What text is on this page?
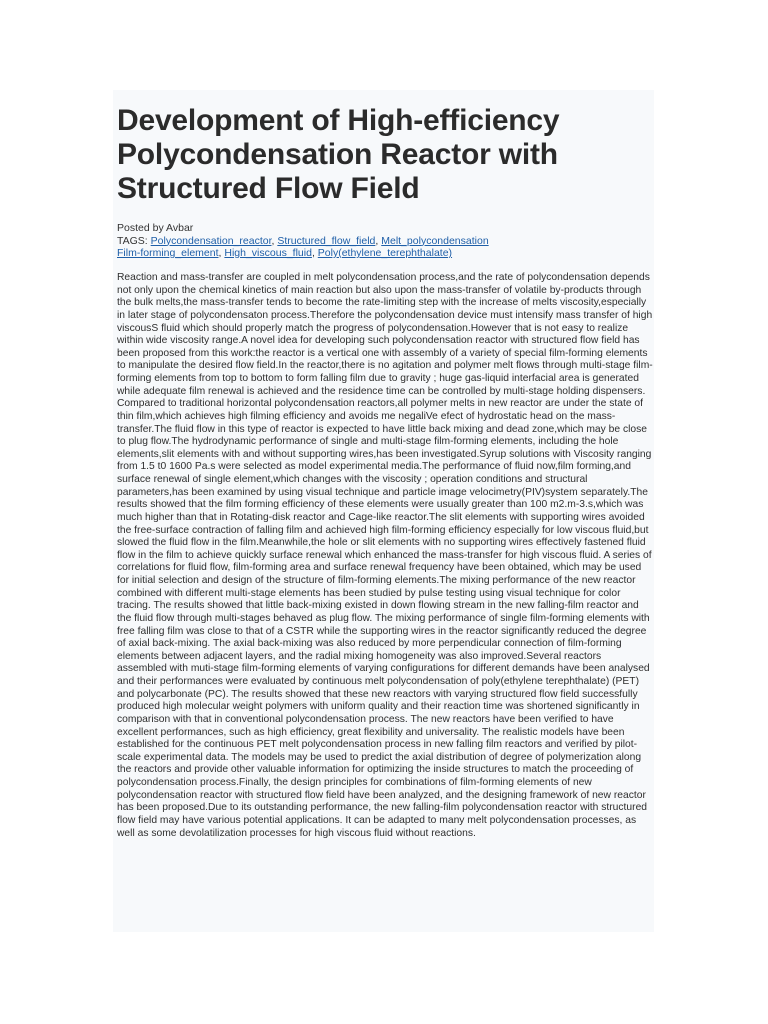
Development of High-efficiency Polycondensation Reactor with Structured Flow Field
Posted by Avbar
TAGS: Polycondensation_reactor, Structured_flow_field, Melt_polycondensation
Film-forming_element, High_viscous_fluid, Poly(ethylene_terephthalate)

Reaction and mass-transfer are coupled in melt polycondensation process,and the rate of polycondensation depends not only upon the chemical kinetics of main reaction but also upon the mass-transfer of volatile by-products through the bulk melts,the mass-transfer tends to become the rate-limiting step with the increase of melts viscosity,especially in later stage of polycondensaton process.Therefore the polycondensation device must intensify mass transfer of high viscousS fluid which should properly match the progress of polycondensation.However that is not easy to realize within wide viscosity range.A novel idea for developing such polycondensation reactor with structured flow field has been proposed from this work:the reactor is a vertical one with assembly of a variety of special film-forming elements to manipulate the desired flow field.In the reactor,there is no agitation and polymer melt flows through multi-stage film-forming elements from top to bottom to form falling film due to gravity ; huge gas-liquid interfacial area is generated while adequate film renewal is achieved and the residence time can be controlled by multi-stage holding dispensers. Compared to traditional horizontal polycondensation reactors,all polymer melts in new reactor are under the state of thin film,which achieves high filming efficiency and avoids me negaliVe efect of hydrostatic head on the mass-transfer.The fluid flow in this type of reactor is expected to have little back mixing and dead zone,which may be close to plug flow.The hydrodynamic performance of single and multi-stage film-forming elements, including the hole elements,slit elements with and without supporting wires,has been investigated.Syrup solutions with Viscosity ranging from 1.5 t0 1600 Pa.s were selected as model experimental media.The performance of fluid now,film forming,and surface renewal of single element,which changes with the viscosity ; operation conditions and structural parameters,has been examined by using visual technique and particle image velocimetry(PIV)system separately.The results showed that the film forming efficiency of these elements were usually greater than 100 m2.m-3.s,which was much higher than that in Rotating-disk reactor and Cage-like reactor.The slit elements with supporting wires avoided the free-surface contraction of falling film and achieved high film-forming efficiency especially for low viscous fluid,but slowed the fluid flow in the film.Meanwhile,the hole or slit elements with no supporting wires effectively fastened fluid flow in the film to achieve quickly surface renewal which enhanced the mass-transfer for high viscous fluid. A series of correlations for fluid flow, film-forming area and surface renewal frequency have been obtained, which may be used for initial selection and design of the structure of film-forming elements.The mixing performance of the new reactor combined with different multi-stage elements has been studied by pulse testing using visual technique for color tracing. The results showed that little back-mixing existed in down flowing stream in the new falling-film reactor and the fluid flow through multi-stages behaved as plug flow. The mixing performance of single film-forming elements with free falling film was close to that of a CSTR while the supporting wires in the reactor significantly reduced the degree of axial back-mixing. The axial back-mixing was also reduced by more perpendicular connection of film-forming elements between adjacent layers, and the radial mixing homogeneity was also improved.Several reactors assembled with muti-stage film-forming elements of varying configurations for different demands have been analysed and their performances were evaluated by continuous melt polycondensation of poly(ethylene terephthalate) (PET) and polycarbonate (PC). The results showed that these new reactors with varying structured flow field successfully produced high molecular weight polymers with uniform quality and their reaction time was shortened significantly in comparison with that in conventional polycondensation process. The new reactors have been verified to have excellent performances, such as high efficiency, great flexibility and universality. The realistic models have been established for the continuous PET melt polycondensation process in new falling film reactors and verified by pilot-scale experimental data. The models may be used to predict the axial distribution of degree of polymerization along the reactors and provide other valuable information for optimizing the inside structures to match the proceeding of polycondensation process.Finally, the design principles for combinations of film-forming elements of new polycondensation reactor with structured flow field have been analyzed, and the designing framework of new reactor has been proposed.Due to its outstanding performance, the new falling-film polycondensation reactor with structured flow field may have various potential applications. It can be adapted to many melt polycondensation processes, as well as some devolatilization processes for high viscous fluid without reactions.
